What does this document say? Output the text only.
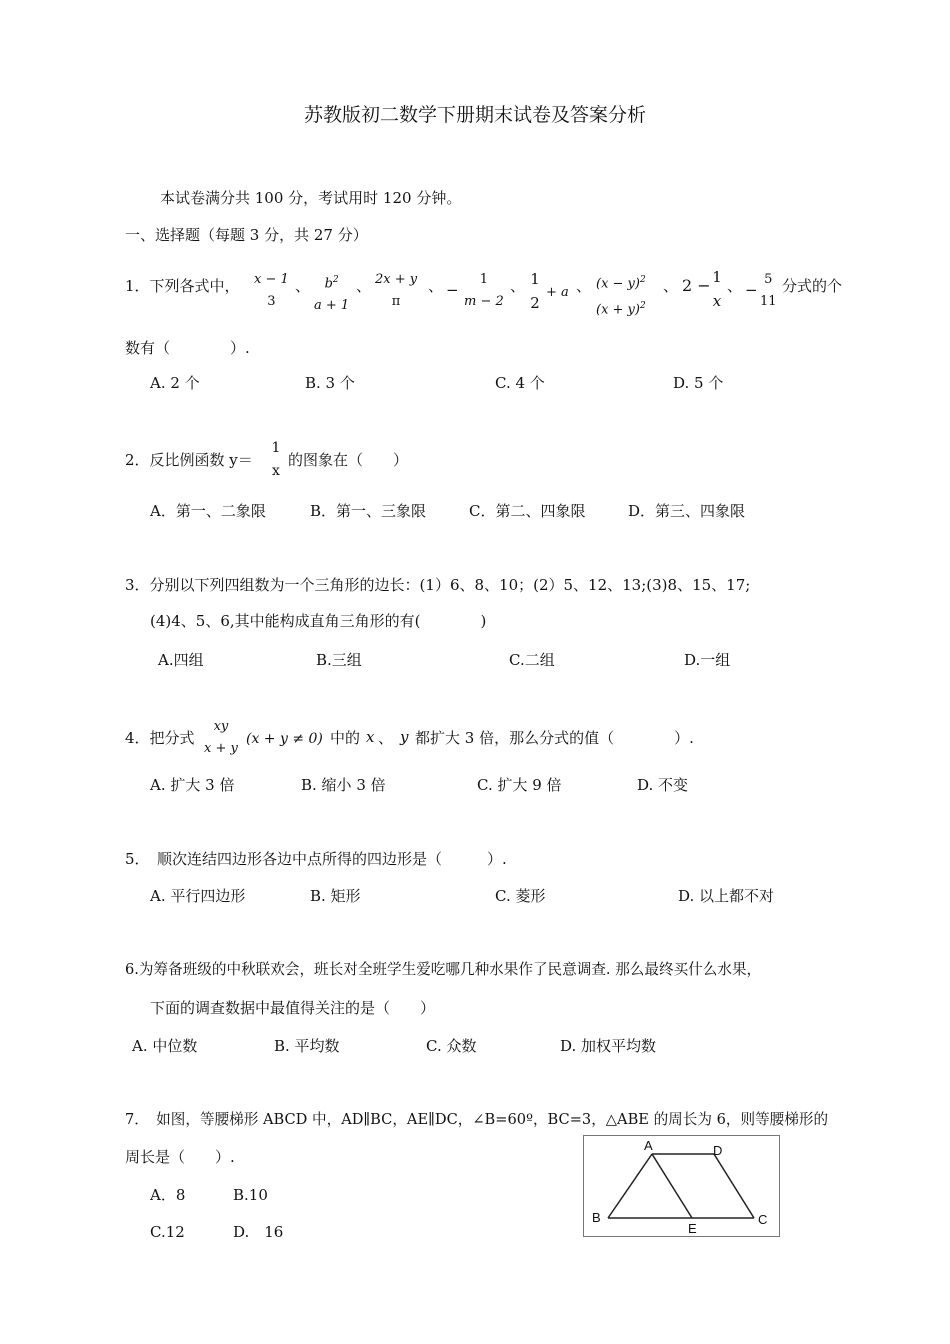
苏教版初二数学下册期末试卷及答案分析
本试卷满分共 100 分，考试用时 120 分钟。
一、选择题（每题 3 分，共 27 分）
1．下列各式中， x − 1
3
、 $b^2$
a + 1
、 2x + y
π
、 −
1
m − 2
、 1
2
+ a 、 $(x - y)^2$
$(x + y)^2$
、 2 − 1
x
、 −
5
11
分式的个
数有（　　　　）.
A. 2 个	B. 3 个	C. 4 个	D. 5 个
2．反比例函数 y＝
1
x
的图象在（　　）
A．第一、二象限	B．第一、三象限	C．第二、四象限	D．第三、四象限
3．分别以下列四组数为一个三角形的边长：(1）6、8、10；(2）5、12、13;(3)8、15、17;
(4)4、5、6,其中能构成直角三角形的有(　　　　)
A.四组	B.三组	C.二组	D.一组
4．把分式
xy
x + y
(x + y ≠ 0) 中的 x 、 y 都扩大 3 倍，那么分式的值（　　　　）.
A. 扩大 3 倍	B. 缩小 3 倍	C. 扩大 9 倍	D. 不变
5．　顺次连结四边形各边中点所得的四边形是（　　　）.
A. 平行四边形	B. 矩形	C. 菱形	D. 以上都不对
6.为筹备班级的中秋联欢会，班长对全班学生爱吃哪几种水果作了民意调查. 那么最终买什么水果，
下面的调查数据中最值得关注的是（　　）
A. 中位数	B. 平均数	C. 众数	D. 加权平均数
7．　如图，等腰梯形 ABCD 中，AD∥BC，AE∥DC，∠B=60º，BC=3，△ABE 的周长为 6，则等腰梯形的
周长是（　　）.
A．8	B.10
C.12	D.　16
A	D
B
E
C
